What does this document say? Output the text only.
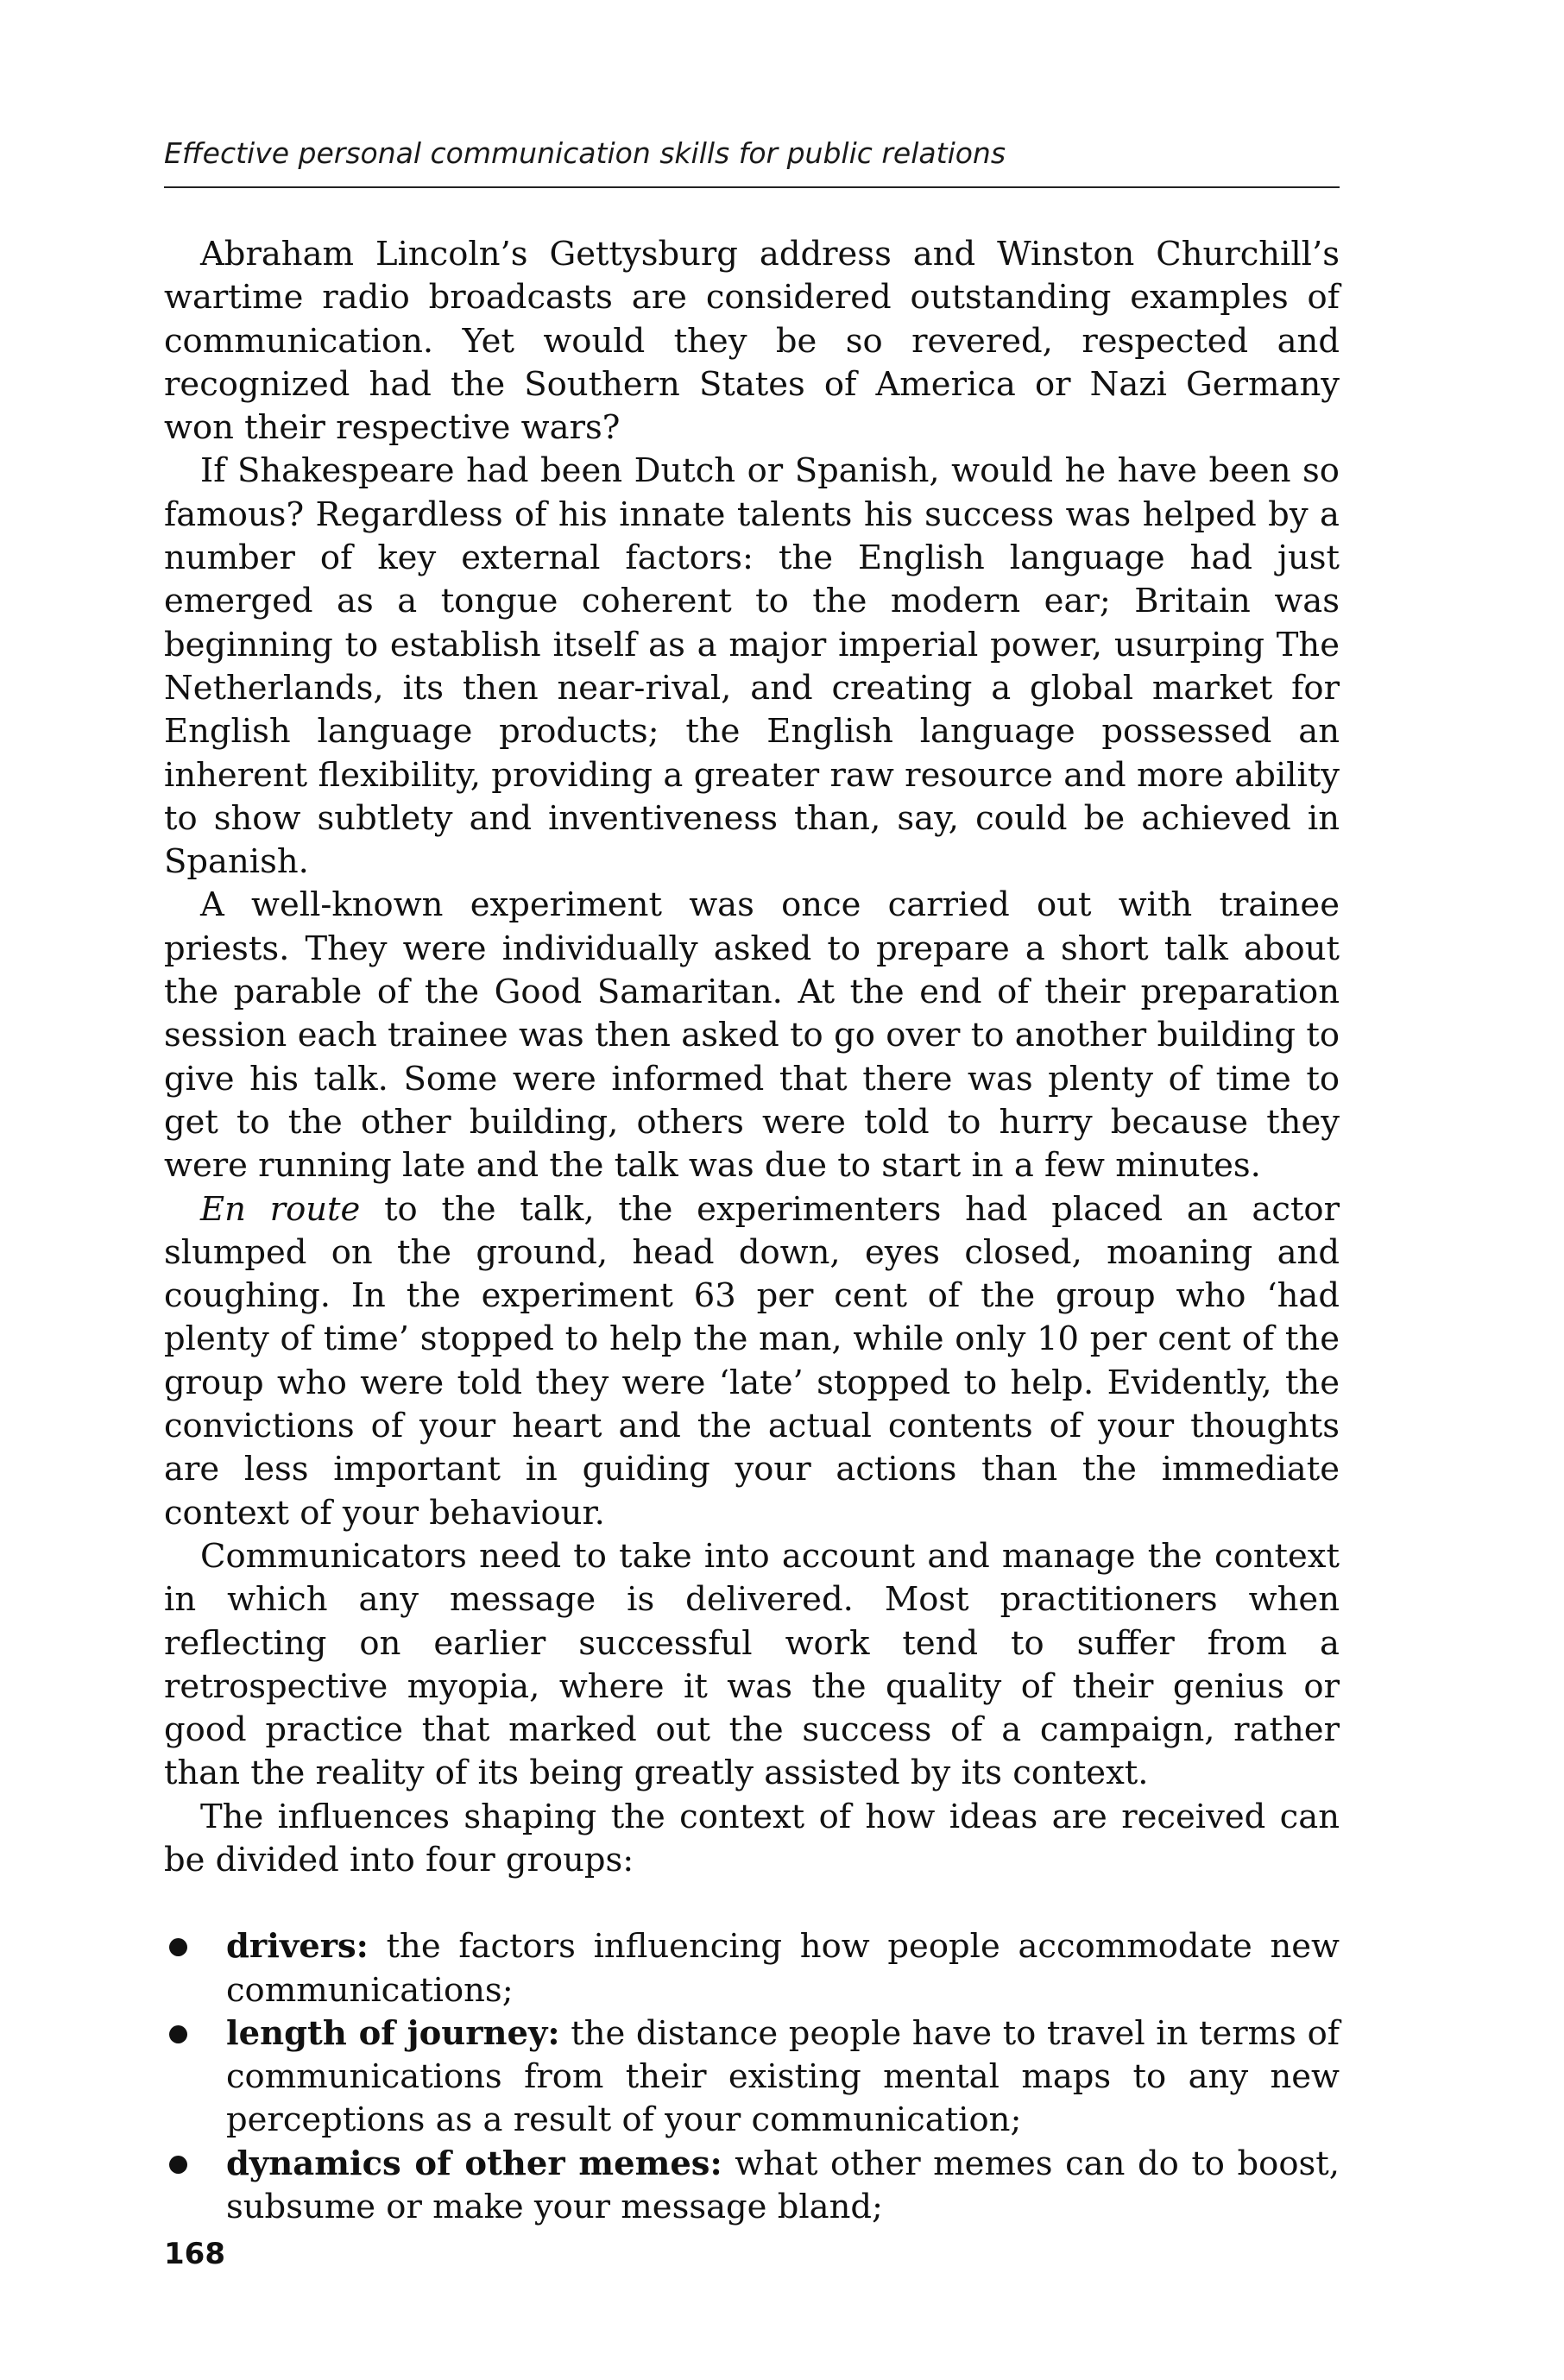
Effective personal communication skills for public relations

Abraham Lincoln’s Gettysburg address and Winston Churchill’s wartime radio broadcasts are considered outstanding examples of communication. Yet would they be so revered, respected and recognized had the Southern States of America or Nazi Germany won their respective wars?

If Shakespeare had been Dutch or Spanish, would he have been so famous? Regardless of his innate talents his success was helped by a number of key external factors: the English language had just emerged as a tongue coherent to the modern ear; Britain was beginning to establish itself as a major imperial power, usurping The Netherlands, its then near-rival, and creating a global market for English language products; the English language possessed an inherent flexibility, providing a greater raw resource and more ability to show subtlety and inventiveness than, say, could be achieved in Spanish.

A well-known experiment was once carried out with trainee priests. They were individually asked to prepare a short talk about the parable of the Good Samaritan. At the end of their preparation session each trainee was then asked to go over to another building to give his talk. Some were informed that there was plenty of time to get to the other building, others were told to hurry because they were running late and the talk was due to start in a few minutes.

En route to the talk, the experimenters had placed an actor slumped on the ground, head down, eyes closed, moaning and coughing. In the experiment 63 per cent of the group who ‘had plenty of time’ stopped to help the man, while only 10 per cent of the group who were told they were ‘late’ stopped to help. Evidently, the convictions of your heart and the actual contents of your thoughts are less important in guiding your actions than the immediate context of your behaviour.

Communicators need to take into account and manage the context in which any message is delivered. Most practitioners when reflecting on earlier successful work tend to suffer from a retrospective myopia, where it was the quality of their genius or good practice that marked out the success of a campaign, rather than the reality of its being greatly assisted by its context.

The influences shaping the context of how ideas are received can be divided into four groups:

drivers: the factors influencing how people accommodate new communications;
length of journey: the distance people have to travel in terms of communications from their existing mental maps to any new perceptions as a result of your communication;
dynamics of other memes: what other memes can do to boost, subsume or make your message bland;
168
